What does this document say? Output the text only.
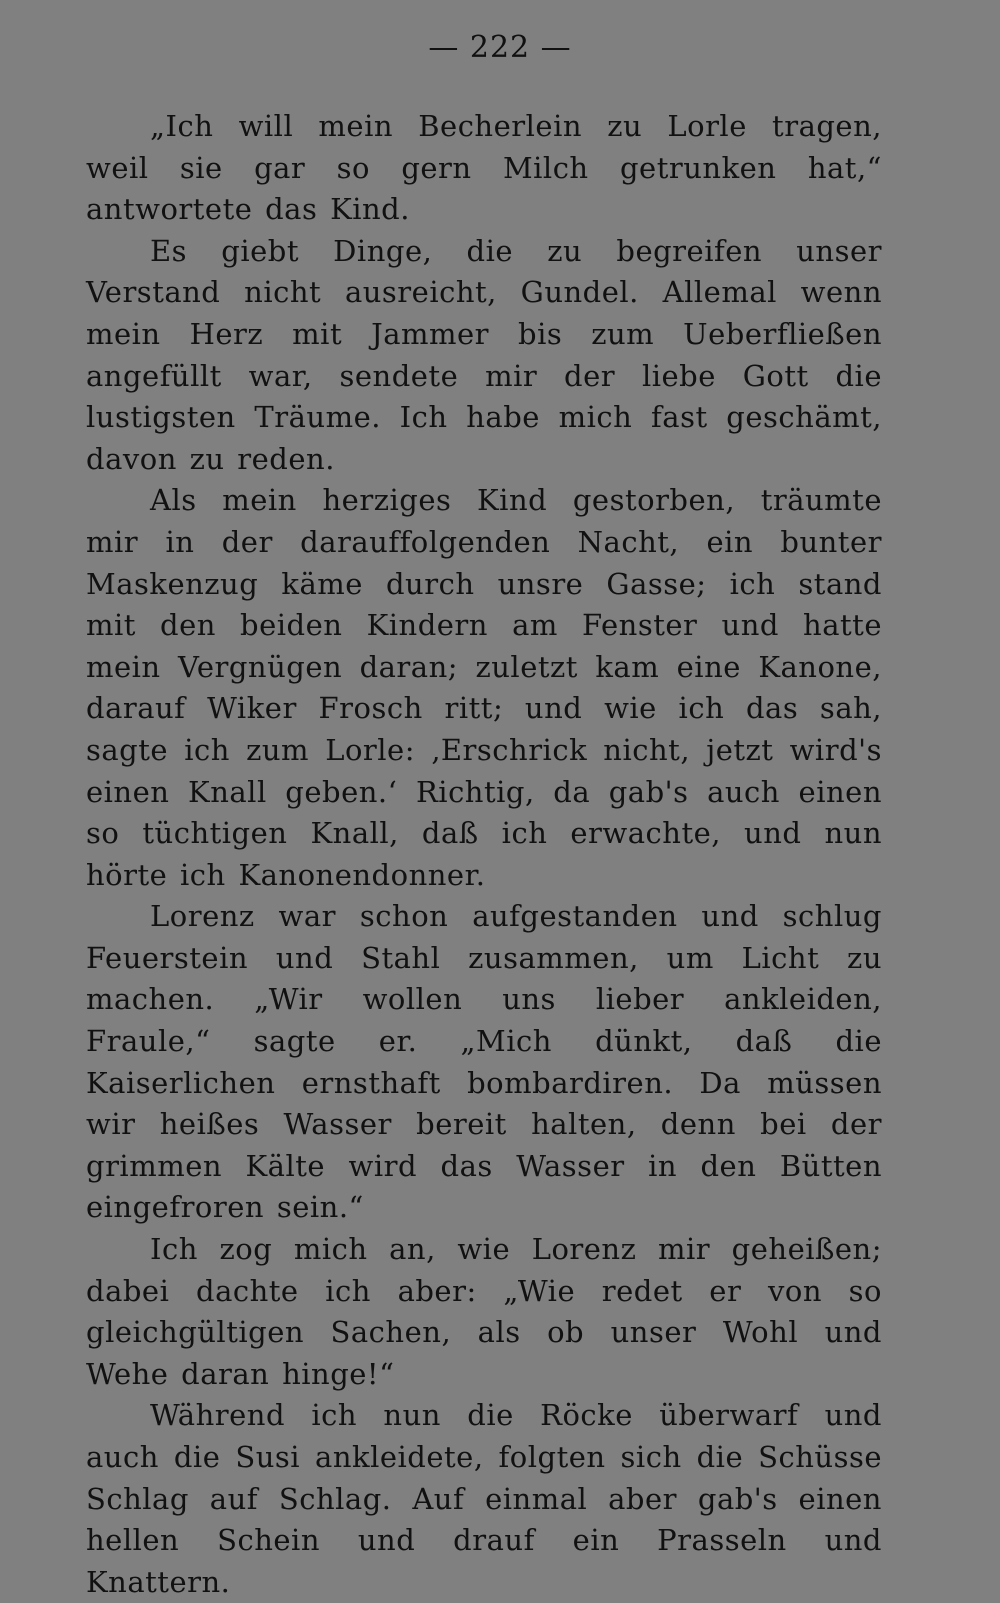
— 222 —

„Ich will mein Becherlein zu Lorle tragen, weil sie gar so gern Milch getrunken hat,“ antwortete das Kind.

Es giebt Dinge, die zu begreifen unser Verstand nicht ausreicht, Gundel. Allemal wenn mein Herz mit Jammer bis zum Ueberfließen angefüllt war, sendete mir der liebe Gott die lustigsten Träume. Ich habe mich fast geschämt, davon zu reden.

Als mein herziges Kind gestorben, träumte mir in der darauffolgenden Nacht, ein bunter Maskenzug käme durch unsre Gasse; ich stand mit den beiden Kindern am Fenster und hatte mein Vergnügen daran; zuletzt kam eine Kanone, darauf Wiker Frosch ritt; und wie ich das sah, sagte ich zum Lorle: ‚Erschrick nicht, jetzt wird's einen Knall geben.‘ Richtig, da gab's auch einen so tüchtigen Knall, daß ich erwachte, und nun hörte ich Kanonendonner.

Lorenz war schon aufgestanden und schlug Feuerstein und Stahl zusammen, um Licht zu machen. „Wir wollen uns lieber ankleiden, Fraule,“ sagte er. „Mich dünkt, daß die Kaiserlichen ernsthaft bombardiren. Da müssen wir heißes Wasser bereit halten, denn bei der grimmen Kälte wird das Wasser in den Bütten eingefroren sein.“

Ich zog mich an, wie Lorenz mir geheißen; dabei dachte ich aber: „Wie redet er von so gleichgültigen Sachen, als ob unser Wohl und Wehe daran hinge!“

Während ich nun die Röcke überwarf und auch die Susi ankleidete, folgten sich die Schüsse Schlag auf Schlag. Auf einmal aber gab's einen hellen Schein und drauf ein Prasseln und Knattern.
